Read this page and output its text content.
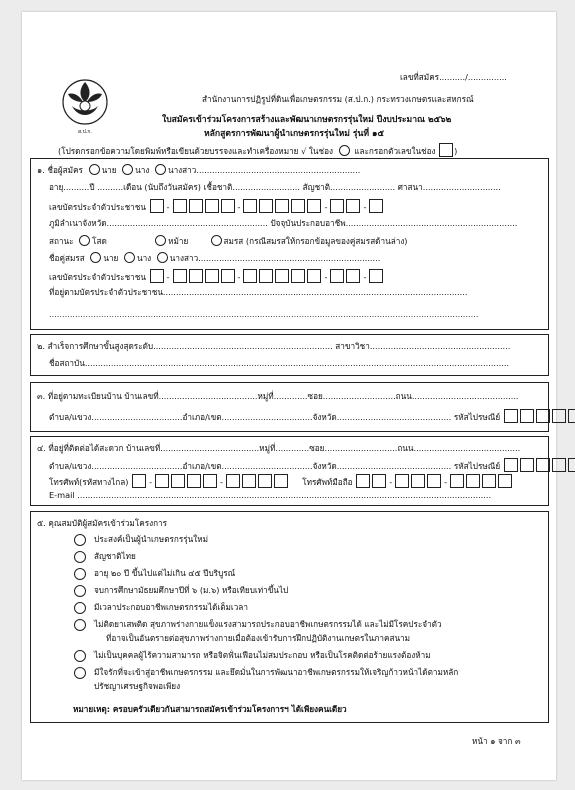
ส.ป.ก.
เลขที่สมัคร........../...............
สำนักงานการปฏิรูปที่ดินเพื่อเกษตรกรรม (ส.ป.ก.) กระทรวงเกษตรและสหกรณ์
ใบสมัครเข้าร่วมโครงการสร้างและพัฒนาเกษตรกรรุ่นใหม่ ปีงบประมาณ ๒๕๖๒
หลักสูตรการพัฒนาผู้นำเกษตรกรรุ่นใหม่ รุ่นที่ ๑๕
(โปรดกรอกข้อความโดยพิมพ์หรือเขียนด้วยบรรจงและทำเครื่องหมาย √ ในช่อง	และกรอกตัวเลขในช่อง )
๑. ชื่อผู้สมัคร นาย นาง นางสาว...............................................................
อายุ..........ปี ..........เดือน (นับถึงวันสมัคร) เชื้อชาติ.......................... สัญชาติ......................... ศาสนา..............................
เลขบัตรประจำตัวประชาชน	-	-	-	-
ภูมิลำเนาจังหวัด.............................................................. ปัจจุบันประกอบอาชีพ..................................................................
สถานะ โสด	หม้าย	สมรส (กรณีสมรสให้กรอกข้อมูลของคู่สมรสด้านล่าง)
ชื่อคู่สมรส นาย นาง นางสาว......................................................................
เลขบัตรประจำตัวประชาชน	-	-	-	-
ที่อยู่ตามบัตรประจำตัวประชาชน.....................................................................................................................
.....................................................................................................................................................................
๒. สำเร็จการศึกษาขั้นสูงสุดระดับ..................................................................... สาขาวิชา......................................................
ชื่อสถาบัน...................................................................................................................................................................
๓. ที่อยู่ตามทะเบียนบ้าน บ้านเลขที่......................................หมู่ที่.............ซอย............................ถนน.........................................
ตำบล/แขวง...................................อำเภอ/เขต...................................จังหวัด............................................ รหัสไปรษณีย์
๔. ที่อยู่ที่ติดต่อได้สะดวก บ้านเลขที่......................................หมู่ที่.............ซอย............................ถนน.........................................
ตำบล/แขวง...................................อำเภอ/เขต...................................จังหวัด............................................ รหัสไปรษณีย์
โทรศัพท์(รหัสทางไกล)	-	-	โทรศัพท์มือถือ	-	-
E-mail ...............................................................................................................................................................
๕. คุณสมบัติผู้สมัครเข้าร่วมโครงการ
ประสงค์เป็นผู้นำเกษตรกรรุ่นใหม่
สัญชาติไทย
อายุ ๒๐ ปี ขึ้นไปแต่ไม่เกิน ๔๕ ปีบริบูรณ์
จบการศึกษามัธยมศึกษาปีที่ ๖ (ม.๖) หรือเทียบเท่าขึ้นไป
มีเวลาประกอบอาชีพเกษตรกรรมได้เต็มเวลา
ไม่ติดยาเสพติด สุขภาพร่างกายแข็งแรงสามารถประกอบอาชีพเกษตรกรรมได้ และไม่มีโรคประจำตัว
ที่อาจเป็นอันตรายต่อสุขภาพร่างกายเมื่อต้องเข้ารับการฝึกปฏิบัติงานเกษตรในภาคสนาม
ไม่เป็นบุคคลผู้ไร้ความสามารถ หรือจิตฟั่นเฟือนไม่สมประกอบ หรือเป็นโรคติดต่อร้ายแรงต้องห้าม
มีใจรักที่จะเข้าสู่อาชีพเกษตรกรรม และยึดมั่นในการพัฒนาอาชีพเกษตรกรรมให้เจริญก้าวหน้าได้ตามหลัก
ปรัชญาเศรษฐกิจพอเพียง
หมายเหตุ: ครอบครัวเดียวกันสามารถสมัครเข้าร่วมโครงการฯ ได้เพียงคนเดียว
หน้า ๑ จาก ๓
